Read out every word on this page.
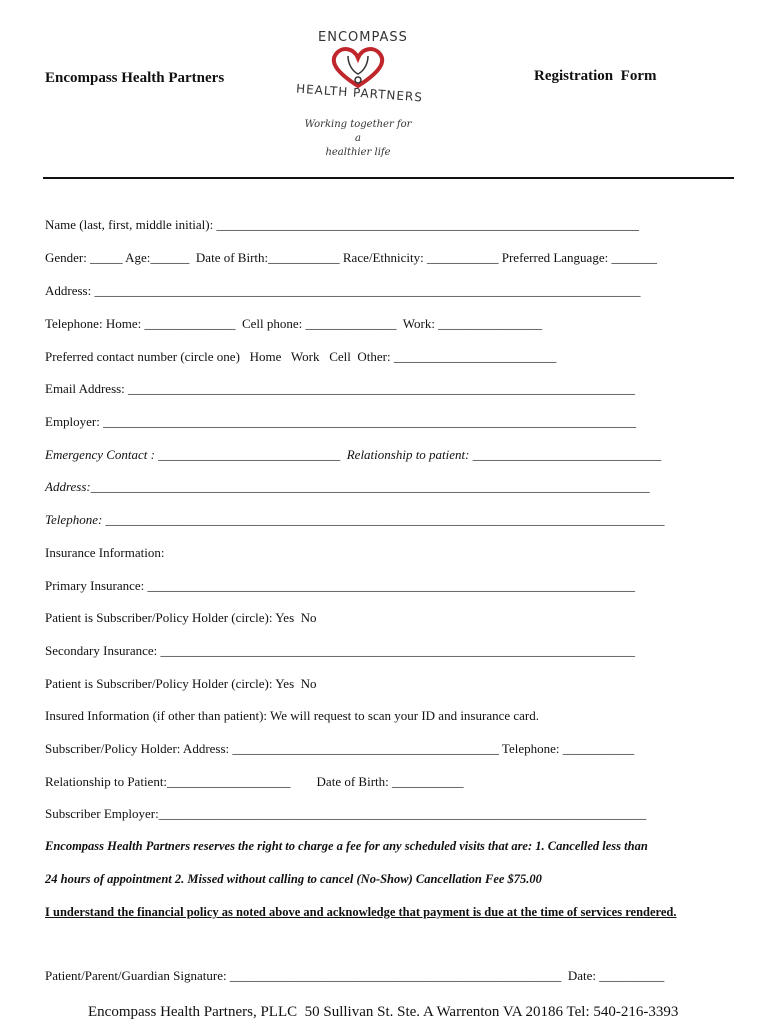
Encompass Health Partners
ENCOMPASS
HEALTH PARTNERS
Working together for a
healthier life
Registration  Form
Name (last, first, middle initial): _________________________________________________________________
Gender: _____ Age:______  Date of Birth:___________ Race/Ethnicity: ___________ Preferred Language: _______
Address: ____________________________________________________________________________________
Telephone: Home: ______________  Cell phone: ______________  Work: ________________
Preferred contact number (circle one)   Home   Work   Cell  Other: _________________________
Email Address: ______________________________________________________________________________
Employer: __________________________________________________________________________________
Emergency Contact : ____________________________  Relationship to patient: _____________________________
Address:______________________________________________________________________________________
Telephone: ______________________________________________________________________________________
Insurance Information:
Primary Insurance: ___________________________________________________________________________
Patient is Subscriber/Policy Holder (circle): Yes  No
Secondary Insurance: _________________________________________________________________________
Patient is Subscriber/Policy Holder (circle): Yes  No
Insured Information (if other than patient): We will request to scan your ID and insurance card.
Subscriber/Policy Holder: Address: _________________________________________ Telephone: ___________
Relationship to Patient:___________________        Date of Birth: ___________
Subscriber Employer:___________________________________________________________________________
Encompass Health Partners reserves the right to charge a fee for any scheduled visits that are: 1. Cancelled less than
24 hours of appointment 2. Missed without calling to cancel (No-Show) Cancellation Fee $75.00
I understand the financial policy as noted above and acknowledge that payment is due at the time of services rendered.
Patient/Parent/Guardian Signature: ___________________________________________________  Date: __________
Encompass Health Partners, PLLC  50 Sullivan St. Ste. A Warrenton VA 20186 Tel: 540-216-3393
